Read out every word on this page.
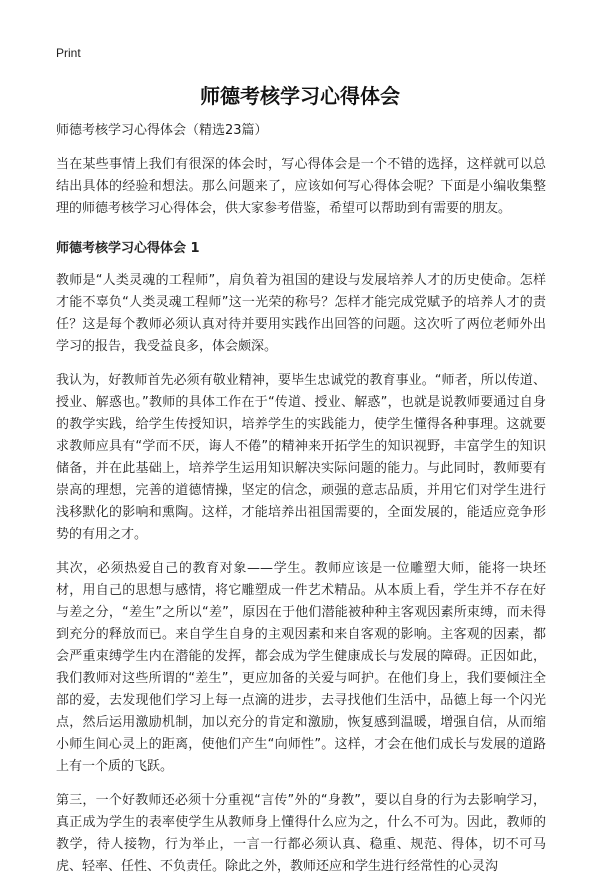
Print
师德考核学习心得体会

师德考核学习心得体会（精选23篇）

当在某些事情上我们有很深的体会时，写心得体会是一个不错的选择，这样就可以总结出具体的经验和想法。那么问题来了，应该如何写心得体会呢？下面是小编收集整理的师德考核学习心得体会，供大家参考借鉴，希望可以帮助到有需要的朋友。

师德考核学习心得体会 1

教师是“人类灵魂的工程师”，肩负着为祖国的建设与发展培养人才的历史使命。怎样才能不辜负“人类灵魂工程师”这一光荣的称号？怎样才能完成党赋予的培养人才的责任？这是每个教师必须认真对待并要用实践作出回答的问题。这次听了两位老师外出学习的报告，我受益良多，体会颇深。

我认为，好教师首先必须有敬业精神，要毕生忠诚党的教育事业。“师者，所以传道、授业、解惑也。”教师的具体工作在于“传道、授业、解惑”，也就是说教师要通过自身的教学实践，给学生传授知识，培养学生的实践能力，使学生懂得各种事理。这就要求教师应具有“学而不厌，诲人不倦”的精神来开拓学生的知识视野，丰富学生的知识储备，并在此基础上，培养学生运用知识解决实际问题的能力。与此同时，教师要有崇高的理想，完善的道德情操，坚定的信念，顽强的意志品质，并用它们对学生进行浅移默化的影响和熏陶。这样，才能培养出祖国需要的，全面发展的，能适应竞争形势的有用之才。

其次，必须热爱自己的教育对象——学生。教师应该是一位雕塑大师，能将一块坯材，用自己的思想与感情，将它雕塑成一件艺术精品。从本质上看，学生并不存在好与差之分，“差生”之所以“差”，原因在于他们潜能被种种主客观因素所束缚，而未得到充分的释放而已。来自学生自身的主观因素和来自客观的影响。主客观的因素，都会严重束缚学生内在潜能的发挥，都会成为学生健康成长与发展的障碍。正因如此，我们教师对这些所谓的“差生”，更应加备的关爱与呵护。在他们身上，我们要倾注全部的爱，去发现他们学习上每一点滴的进步，去寻找他们生活中，品德上每一个闪光点，然后运用激励机制，加以充分的肯定和激励，恢复感到温暖，增强自信，从而缩小师生间心灵上的距离，使他们产生“向师性”。这样，才会在他们成长与发展的道路上有一个质的飞跃。

第三，一个好教师还必须十分重视“言传”外的“身教”，要以自身的行为去影响学习，真正成为学生的表率使学生从教师身上懂得什么应为之，什么不可为。因此，教师的教学，待人接物，行为举止，一言一行都必须认真、稳重、规范、得体，切不可马虎、轻率、任性、不负责任。除此之外，教师还应和学生进行经常性的心灵沟
